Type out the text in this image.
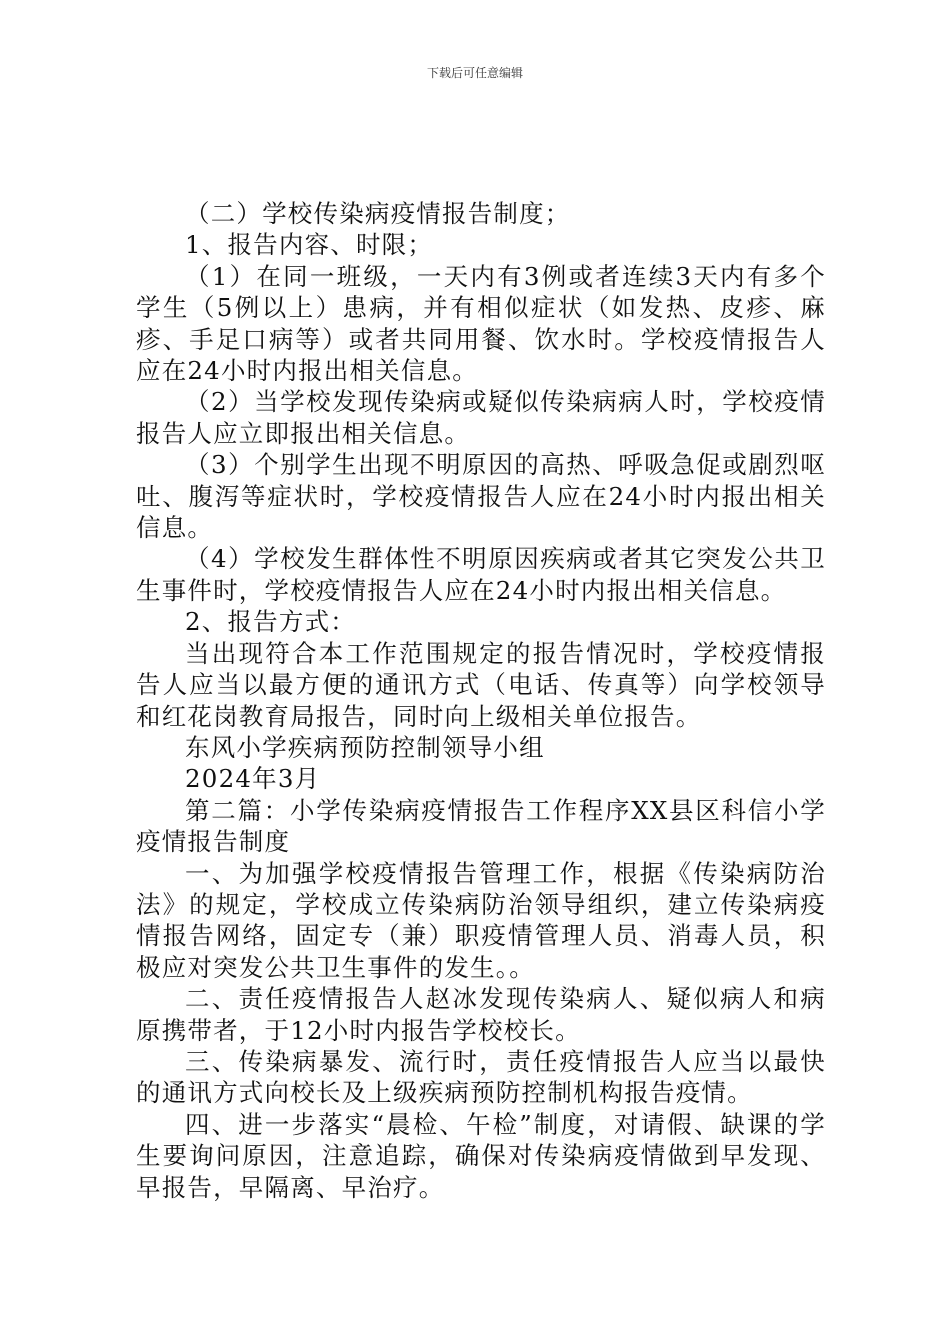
下载后可任意编辑

（二）学校传染病疫情报告制度；

1、报告内容、时限；

（1）在同一班级，一天内有3例或者连续3天内有多个学生（5例以上）患病，并有相似症状（如发热、皮疹、麻疹、手足口病等）或者共同用餐、饮水时。学校疫情报告人应在24小时内报出相关信息。

（2）当学校发现传染病或疑似传染病病人时，学校疫情报告人应立即报出相关信息。

（3）个别学生出现不明原因的高热、呼吸急促或剧烈呕吐、腹泻等症状时，学校疫情报告人应在24小时内报出相关信息。

（4）学校发生群体性不明原因疾病或者其它突发公共卫生事件时，学校疫情报告人应在24小时内报出相关信息。

2、报告方式：

当出现符合本工作范围规定的报告情况时，学校疫情报告人应当以最方便的通讯方式（电话、传真等）向学校领导和红花岗教育局报告，同时向上级相关单位报告。

东风小学疾病预防控制领导小组

2024年3月

第二篇：小学传染病疫情报告工作程序XX县区科信小学疫情报告制度

一、为加强学校疫情报告管理工作，根据《传染病防治法》的规定，学校成立传染病防治领导组织，建立传染病疫情报告网络，固定专（兼）职疫情管理人员、消毒人员，积极应对突发公共卫生事件的发生。。

二、责任疫情报告人赵冰发现传染病人、疑似病人和病原携带者，于12小时内报告学校校长。

三、传染病暴发、流行时，责任疫情报告人应当以最快的通讯方式向校长及上级疾病预防控制机构报告疫情。

四、进一步落实“晨检、午检”制度，对请假、缺课的学生要询问原因，注意追踪，确保对传染病疫情做到早发现、早报告，早隔离、早治疗。
